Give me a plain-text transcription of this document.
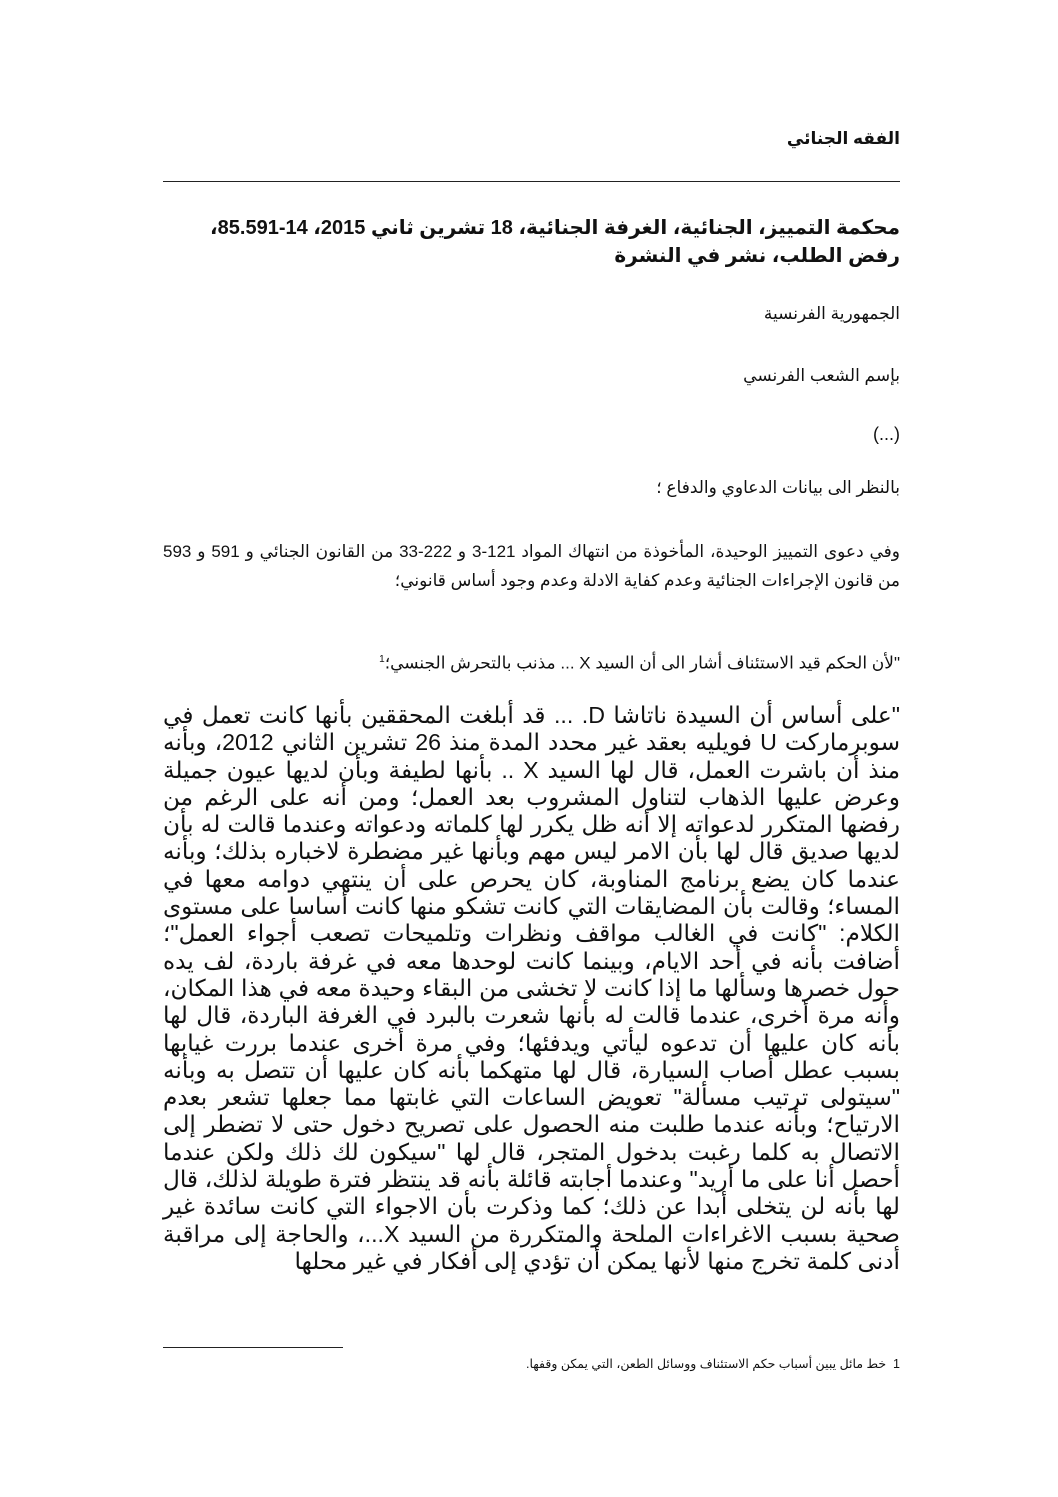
الفقه الجنائي
محكمة التمييز، الجنائية، الغرفة الجنائية، 18 تشرين ثاني 2015، 14-85.591، رفض الطلب، نشر في النشرة
الجمهورية الفرنسية
بإسم الشعب الفرنسي
(...)
بالنظر الى بيانات الدعاوي والدفاع ؛
وفي دعوى التمييز الوحيدة، المأخوذة من انتهاك المواد 121-3 و 222-33 من القانون الجنائي و 591 و 593 من قانون الإجراءات الجنائية وعدم كفاية الادلة وعدم وجود أساس قانوني؛
"لأن الحكم قيد الاستئناف أشار الى أن السيد X ... مذنب بالتحرش الجنسي؛$^1$
"على أساس أن السيدة ناتاشا D. ... قد أبلغت المحققين بأنها كانت تعمل في سوبرماركت U فويليه بعقد غير محدد المدة منذ 26 تشرين الثاني 2012، وبأنه منذ أن باشرت العمل، قال لها السيد X .. بأنها لطيفة وبأن لديها عيون جميلة وعرض عليها الذهاب لتناول المشروب بعد العمل؛ ومن أنه على الرغم من رفضها المتكرر لدعواته إلا أنه ظل يكرر لها كلماته ودعواته وعندما قالت له بأن لديها صديق قال لها بأن الامر ليس مهم وبأنها غير مضطرة لاخباره بذلك؛ وبأنه عندما كان يضع برنامج المناوبة، كان يحرص على أن ينتهي دوامه معها في المساء؛ وقالت بأن المضايقات التي كانت تشكو منها كانت أساسا على مستوى الكلام: "كانت في الغالب مواقف ونظرات وتلميحات تصعب أجواء العمل"؛ أضافت بأنه في أحد الايام، وبينما كانت لوحدها معه في غرفة باردة، لف يده حول خصرها وسألها ما إذا كانت لا تخشى من البقاء وحيدة معه في هذا المكان، وأنه مرة أخرى، عندما قالت له بأنها شعرت بالبرد في الغرفة الباردة، قال لها بأنه كان عليها أن تدعوه ليأتي ويدفئها؛ وفي مرة أخرى عندما بررت غيابها بسبب عطل أصاب السيارة، قال لها متهكما بأنه كان عليها أن تتصل به وبأنه "سيتولى ترتيب مسألة" تعويض الساعات التي غابتها مما جعلها تشعر بعدم الارتياح؛ وبأنه عندما طلبت منه الحصول على تصريح دخول حتى لا تضطر إلى الاتصال به كلما رغبت بدخول المتجر، قال لها "سيكون لك ذلك ولكن عندما أحصل أنا على ما أريد" وعندما أجابته قائلة بأنه قد ينتظر فترة طويلة لذلك، قال لها بأنه لن يتخلى أبدا عن ذلك؛ كما وذكرت بأن الاجواء التي كانت سائدة غير صحية بسبب الاغراءات الملحة والمتكررة من السيد X...، والحاجة إلى مراقبة أدنى كلمة تخرج منها لأنها يمكن أن تؤدي إلى أفكار في غير محلها
1  خط مائل يبين أسباب حكم الاستئناف ووسائل الطعن، التي يمكن وقفها.
